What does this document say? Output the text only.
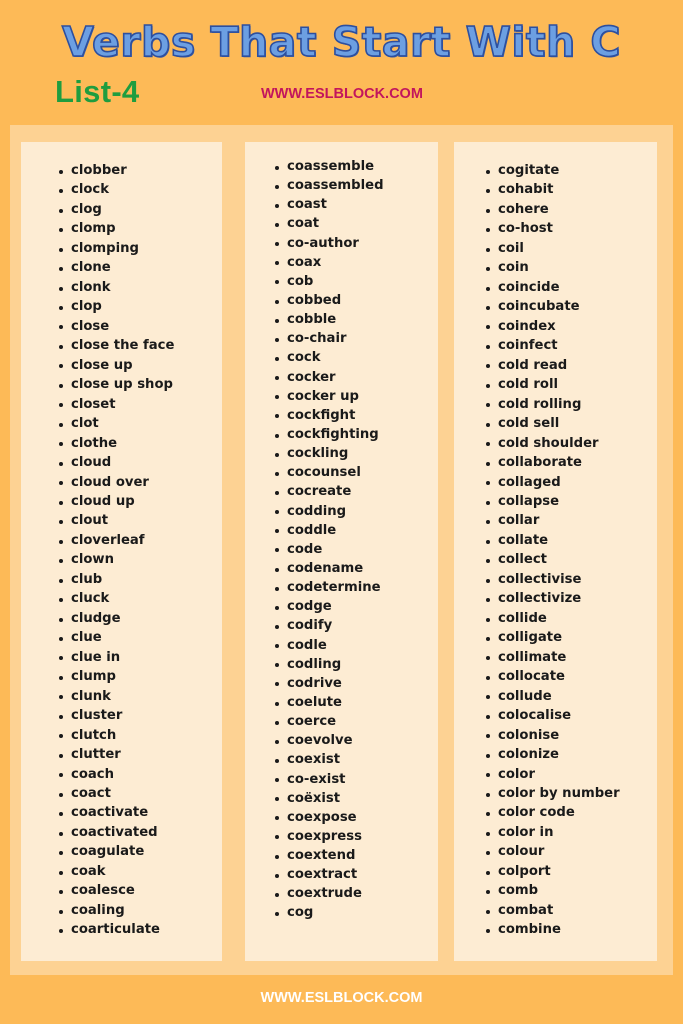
Verbs That Start With C
List-4	WWW.ESLBLOCK.COM
clobber
clock
clog
clomp
clomping
clone
clonk
clop
close
close the face
close up
close up shop
closet
clot
clothe
cloud
cloud over
cloud up
clout
cloverleaf
clown
club
cluck
cludge
clue
clue in
clump
clunk
cluster
clutch
clutter
coach
coact
coactivate
coactivated
coagulate
coak
coalesce
coaling
coarticulate
coassemble
coassembled
coast
coat
co-author
coax
cob
cobbed
cobble
co-chair
cock
cocker
cocker up
cockfight
cockfighting
cockling
cocounsel
cocreate
codding
coddle
code
codename
codetermine
codge
codify
codle
codling
codrive
coelute
coerce
coevolve
coexist
co-exist
coëxist
coexpose
coexpress
coextend
coextract
coextrude
cog
cogitate
cohabit
cohere
co-host
coil
coin
coincide
coincubate
coindex
coinfect
cold read
cold roll
cold rolling
cold sell
cold shoulder
collaborate
collaged
collapse
collar
collate
collect
collectivise
collectivize
collide
colligate
collimate
collocate
collude
colocalise
colonise
colonize
color
color by number
color code
color in
colour
colport
comb
combat
combine
WWW.ESLBLOCK.COM
